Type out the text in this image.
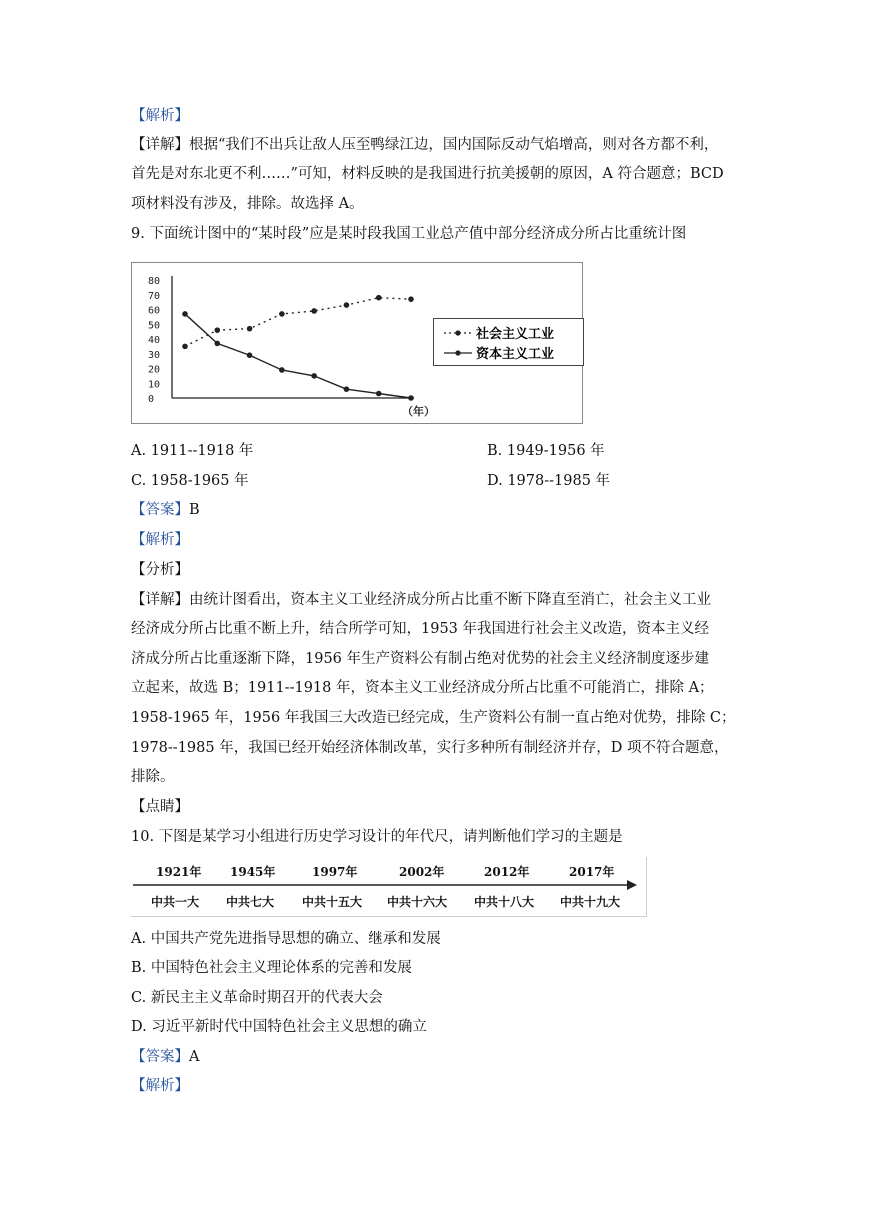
【解析】
【详解】根据“我们不出兵让敌人压至鸭绿江边，国内国际反动气焰增高，则对各方都不利，
首先是对东北更不利……”可知，材料反映的是我国进行抗美援朝的原因，A 符合题意；BCD
项材料没有涉及，排除。故选择 A。
9. 下面统计图中的“某时段”应是某时段我国工业总产值中部分经济成分所占比重统计图
80
70
60
50
40
30
20
10
0
（年）
社会主义工业
资本主义工业
A. 1911--1918 年	B. 1949-1956 年
C. 1958-1965 年	D. 1978--1985 年
【答案】B
【解析】
【分析】
【详解】由统计图看出，资本主义工业经济成分所占比重不断下降直至消亡，社会主义工业
经济成分所占比重不断上升，结合所学可知，1953 年我国进行社会主义改造，资本主义经
济成分所占比重逐渐下降，1956 年生产资料公有制占绝对优势的社会主义经济制度逐步建
立起来，故选 B；1911--1918 年，资本主义工业经济成分所占比重不可能消亡，排除 A；
1958-1965 年，1956 年我国三大改造已经完成，生产资料公有制一直占绝对优势，排除 C；
1978--1985 年，我国已经开始经济体制改革，实行多种所有制经济并存，D 项不符合题意，
排除。
【点睛】
10. 下图是某学习小组进行历史学习设计的年代尺，请判断他们学习的主题是
1921年
中共一大
1945年
中共七大
1997年
中共十五大
2002年
中共十六大
2012年
中共十八大
2017年
中共十九大
A. 中国共产党先进指导思想的确立、继承和发展
B. 中国特色社会主义理论体系的完善和发展
C. 新民主主义革命时期召开的代表大会
D. 习近平新时代中国特色社会主义思想的确立
【答案】A
【解析】
